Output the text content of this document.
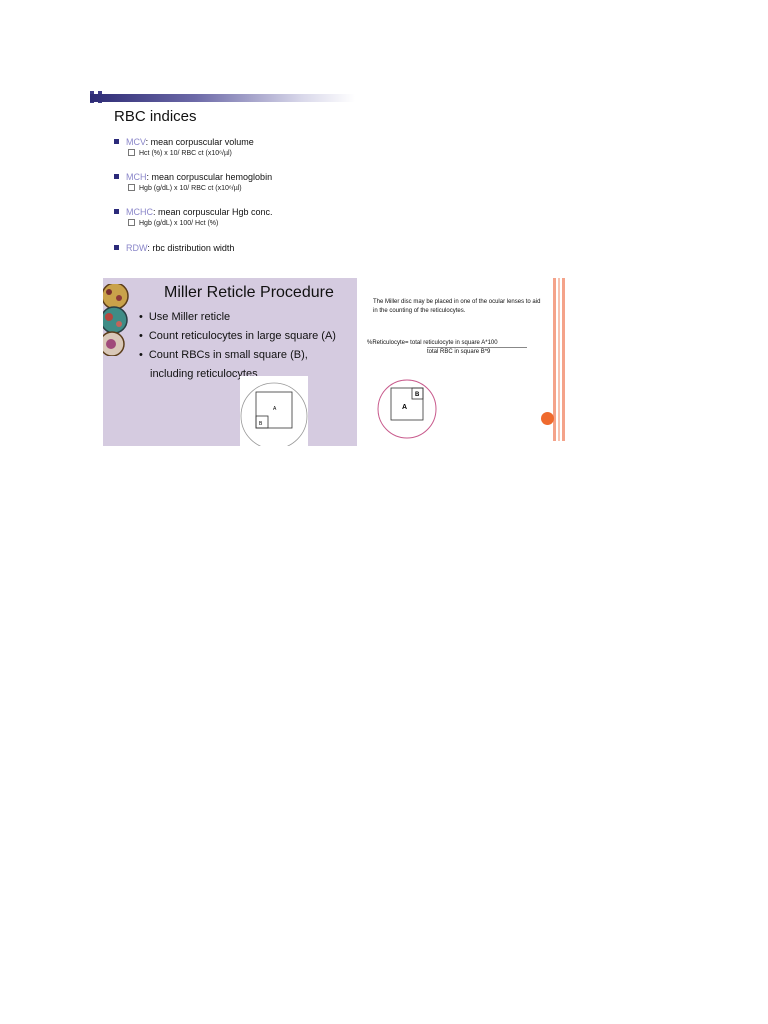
RBC indices
MCV: mean corpuscular volume
Hct (%) x 10/ RBC ct (x10⁶/µl)
MCH: mean corpuscular hemoglobin
Hgb (g/dL) x 10/ RBC ct (x10⁶/µl)
MCHC: mean corpuscular Hgb conc.
Hgb (g/dL) x 100/ Hct (%)
RDW: rbc distribution width
Miller Reticle Procedure
• Use Miller reticle
• Count reticulocytes in large square (A)
• Count RBCs in small square (B),
including reticulocytes
A
B
The Miller disc may be placed in one of the ocular lenses to aid in the counting of the reticulocytes.
%Reticulocyte= total reticulocyte in square A*100
total RBC in square B*9
A
B
